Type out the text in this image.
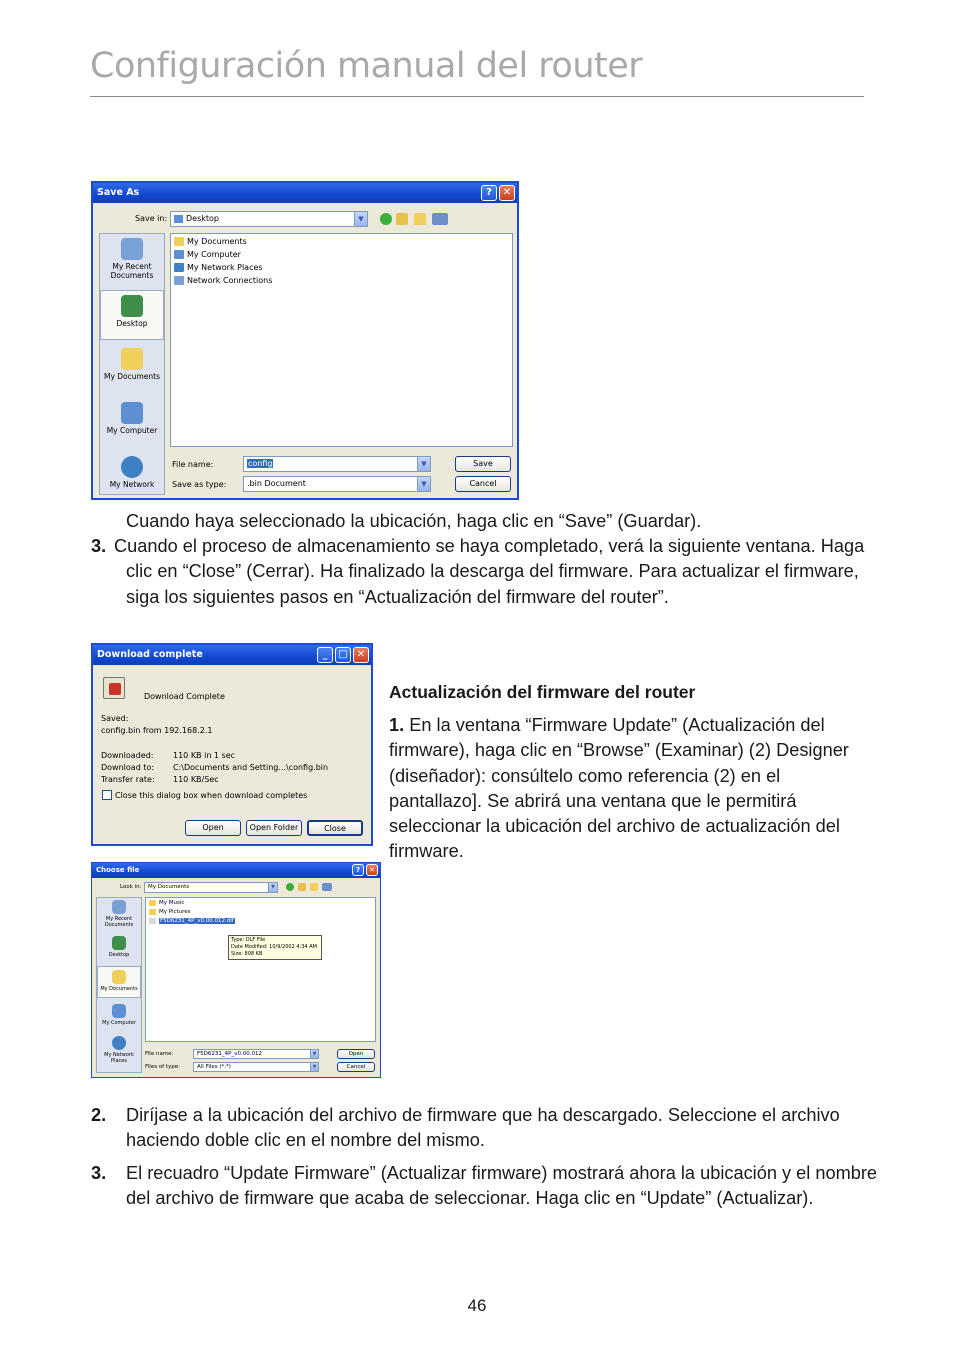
Configuración manual del router
Save As	?	✕
Save in:	Desktop	▼
My Recent Documents
Desktop
My Documents
My Computer
My Network
My Documents
My Computer
My Network Places
Network Connections
File name:	config	▼
Save as type:	.bin Document	▼
Save
Cancel
Cuando haya seleccionado la ubicación, haga clic en “Save” (Guardar).
3. Cuando el proceso de almacenamiento se haya completado, verá la siguiente ventana. Haga clic en “Close” (Cerrar). Ha finalizado la descarga del firmware. Para actualizar el firmware, siga los siguientes pasos en “Actualización del firmware del router”.
Download complete	_	□ ✕
Download Complete
Saved:
config.bin from 192.168.2.1
Downloaded: 110 KB in 1 sec
Download to: C:\Documents and Setting...\config.bin
Transfer rate: 110 KB/Sec
Close this dialog box when download completes
Open	Open Folder	Close
Choose file	?	✕
Look in:	My Documents	▼
My Recent Documents
Desktop
My Documents
My Computer
My Network Places
My Music
My Pictures
F5D6231_4P_v0.00.012.dlf
Type: DLF File
Date Modified: 10/9/2002 4:34 AM
Size: 808 KB
File name:	F5D6231_4P_v0.00.012	▼
Files of type:	All Files (*.*)	▼
Open
Cancel
Actualización del firmware del router
1. En la ventana “Firmware Update” (Actualización del firmware), haga clic en “Browse” (Examinar) (2) Designer (diseñador): consúltelo como referencia (2) en el pantallazo]. Se abrirá una ventana que le permitirá seleccionar la ubicación del archivo de actualización del firmware.
2.	Diríjase a la ubicación del archivo de firmware que ha descargado. Seleccione el archivo haciendo doble clic en el nombre del mismo.
3.	El recuadro “Update Firmware” (Actualizar firmware) mostrará ahora la ubicación y el nombre del archivo de firmware que acaba de seleccionar. Haga clic en “Update” (Actualizar).
46
